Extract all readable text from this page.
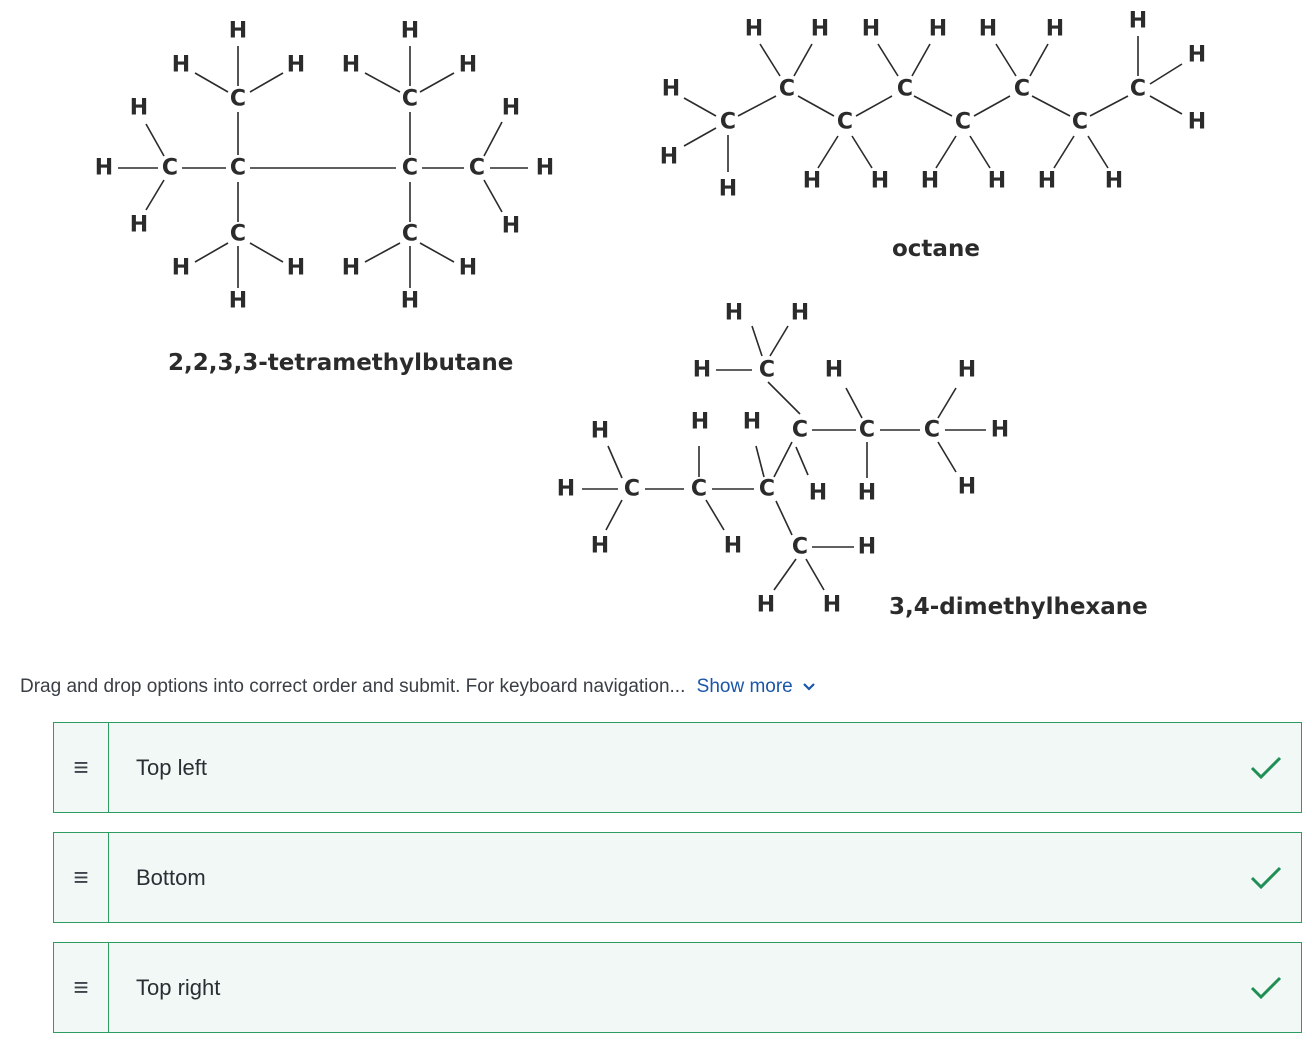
C C	C C
C
C
C
C
H
H
H
H
H	H
H	H
H
H
H	H
H	H
H
H
H
H
2,2,3,3-tetramethylbutane
C
C
C
C
C
C
C
C
H
H
H
H H H H H H	H
H
H
H H H H H H
octane
C C C
C
C
C C
C
H
H
H
H
H
H
H
H H
H
H
H
H
H
H
H
H H 3,4-dimethylhexane
Drag and drop options into correct order and submit. For keyboard navigation... Show more
≡	Top left
≡	Bottom
≡	Top right
